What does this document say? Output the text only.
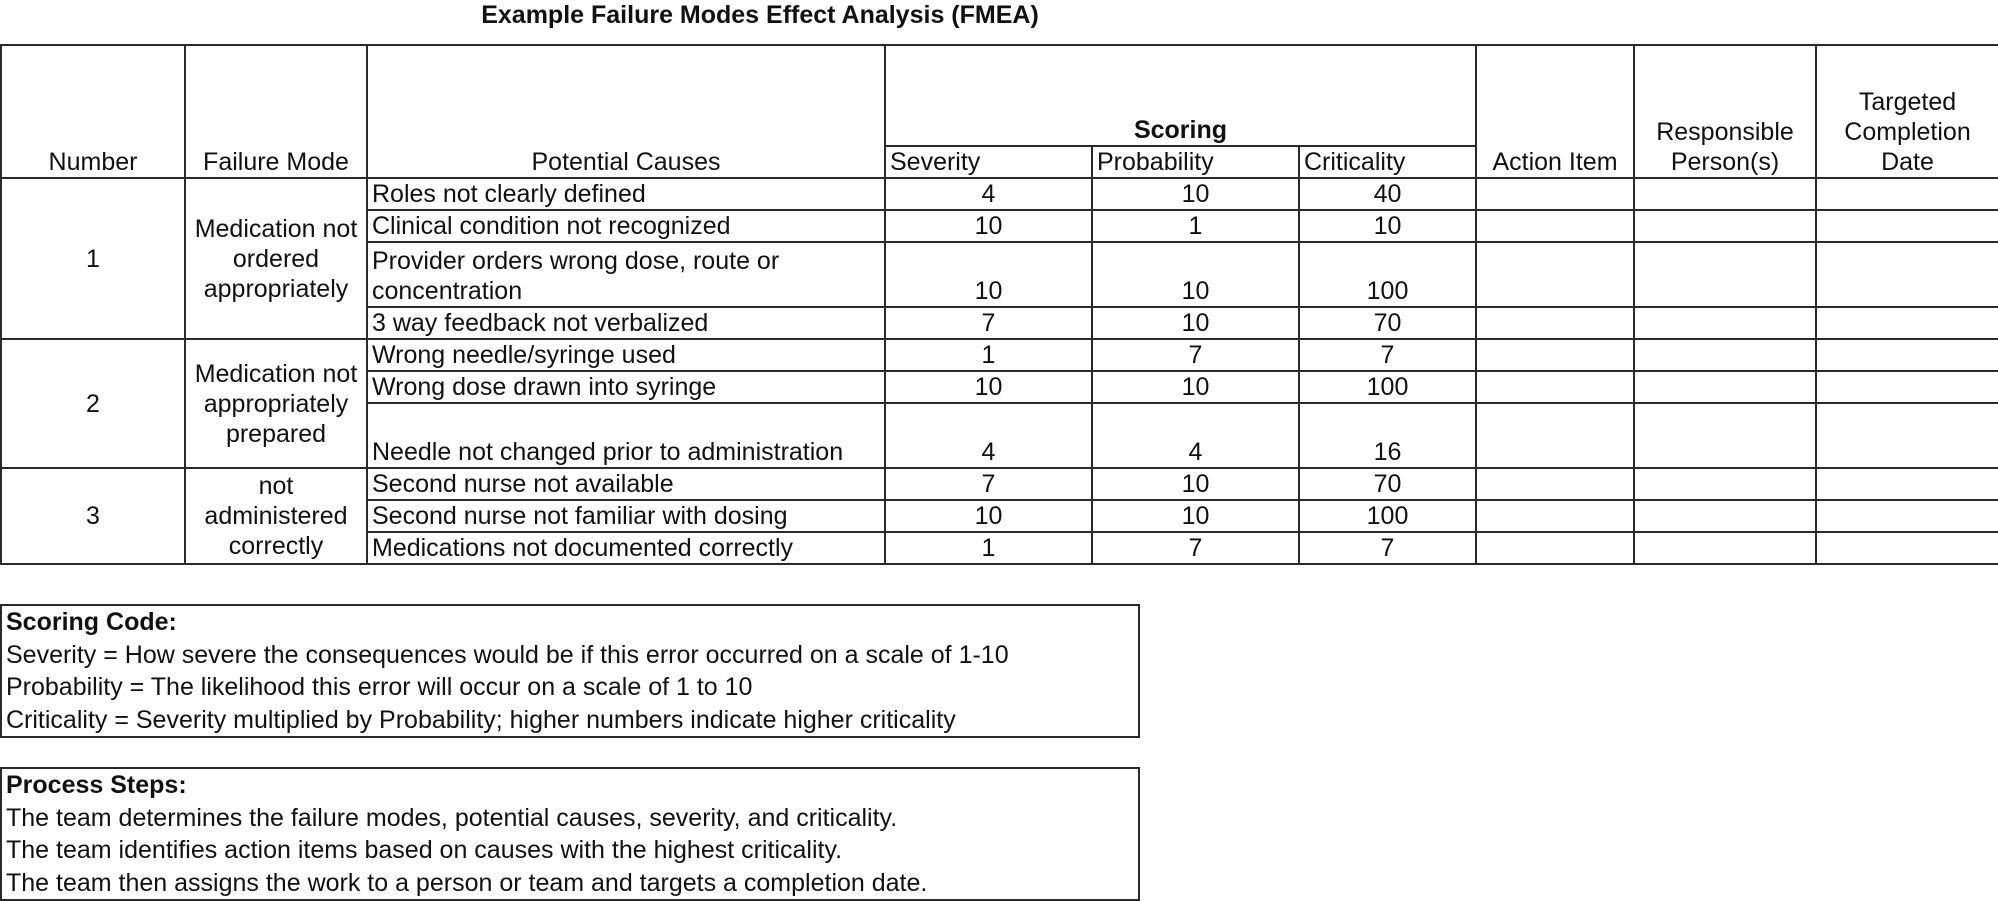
Example Failure Modes Effect Analysis (FMEA)
Number	Failure Mode	Potential Causes	Scoring			Action Item	Responsible Person(s)	Targeted Completion Date
			Severity	Probability	Criticality			
1	Medication not ordered appropriately	Roles not clearly defined	4	10	40			
		Clinical condition not recognized	10	1	10			
		Provider orders wrong dose, route or concentration	10	10	100			
		3 way feedback not verbalized	7	10	70			
2	Medication not appropriately prepared	Wrong needle/syringe used	1	7	7			
		Wrong dose drawn into syringe	10	10	100			
		Needle not changed prior to administration	4	4	16			
3	not administered correctly	Second nurse not available	7	10	70			
		Second nurse not familiar with dosing	10	10	100			
		Medications not documented correctly	1	7	7			
Scoring Code:
Severity = How severe the consequences would be if this error occurred on a scale of 1-10
Probability = The likelihood this error will occur on a scale of 1 to 10
Criticality = Severity multiplied by Probability; higher numbers indicate higher criticality
Process Steps:
The team determines the failure modes, potential causes, severity, and criticality.
The team identifies action items based on causes with the highest criticality.
The team then assigns the work to a person or team and targets a completion date.
